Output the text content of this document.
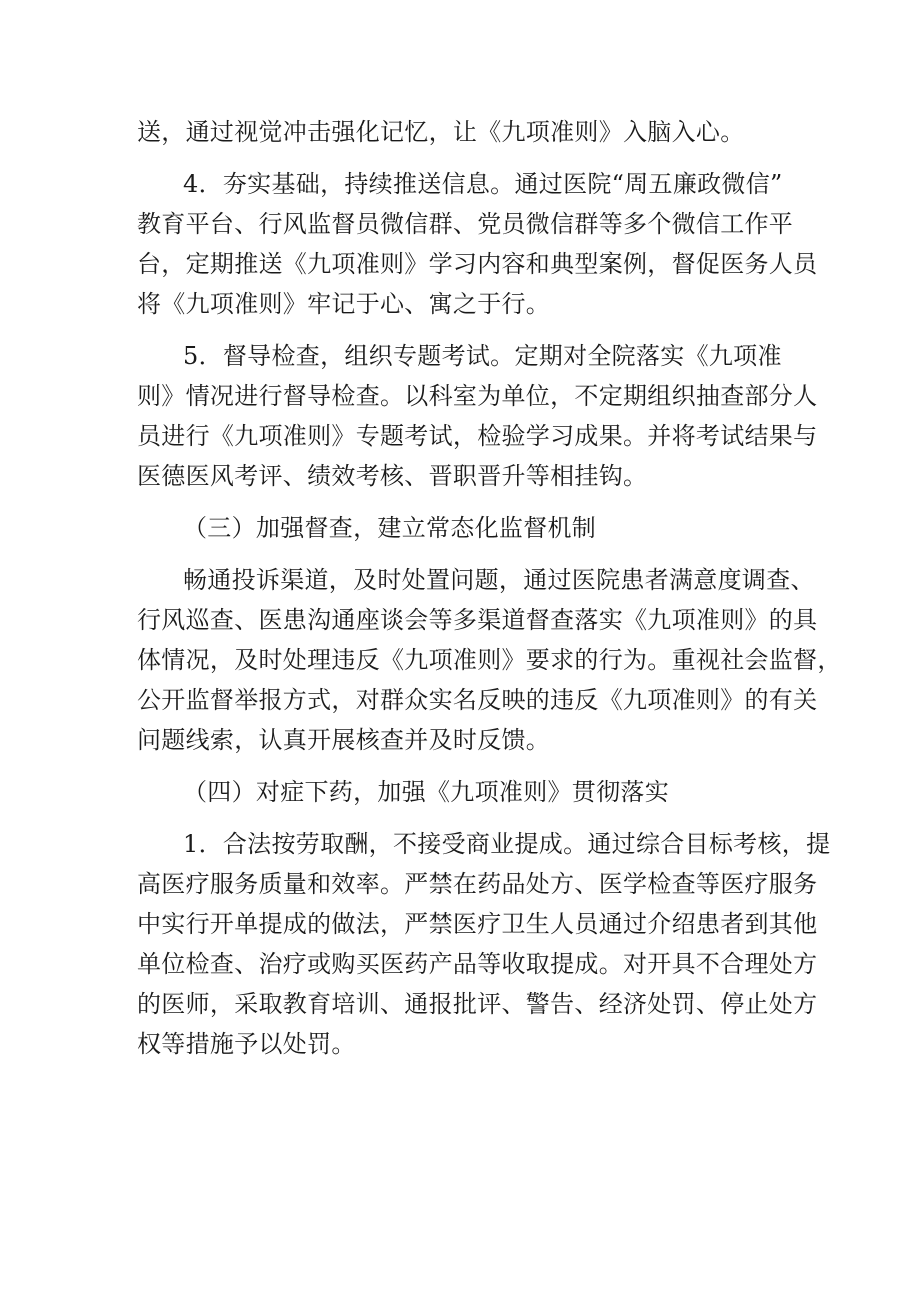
送，通过视觉冲击强化记忆，让《九项准则》入脑入心。
4．夯实基础，持续推送信息。通过医院“周五廉政微信”
教育平台、行风监督员微信群、党员微信群等多个微信工作平
台，定期推送《九项准则》学习内容和典型案例，督促医务人员
将《九项准则》牢记于心、寓之于行。
5．督导检查，组织专题考试。定期对全院落实《九项准
则》情况进行督导检查。以科室为单位，不定期组织抽查部分人
员进行《九项准则》专题考试，检验学习成果。并将考试结果与
医德医风考评、绩效考核、晋职晋升等相挂钩。
（三）加强督查，建立常态化监督机制
畅通投诉渠道，及时处置问题，通过医院患者满意度调查、
行风巡查、医患沟通座谈会等多渠道督查落实《九项准则》的具
体情况，及时处理违反《九项准则》要求的行为。重视社会监督，
公开监督举报方式，对群众实名反映的违反《九项准则》的有关
问题线索，认真开展核查并及时反馈。
（四）对症下药，加强《九项准则》贯彻落实
1．合法按劳取酬，不接受商业提成。通过综合目标考核，提
高医疗服务质量和效率。严禁在药品处方、医学检查等医疗服务
中实行开单提成的做法，严禁医疗卫生人员通过介绍患者到其他
单位检查、治疗或购买医药产品等收取提成。对开具不合理处方
的医师，采取教育培训、通报批评、警告、经济处罚、停止处方
权等措施予以处罚。
